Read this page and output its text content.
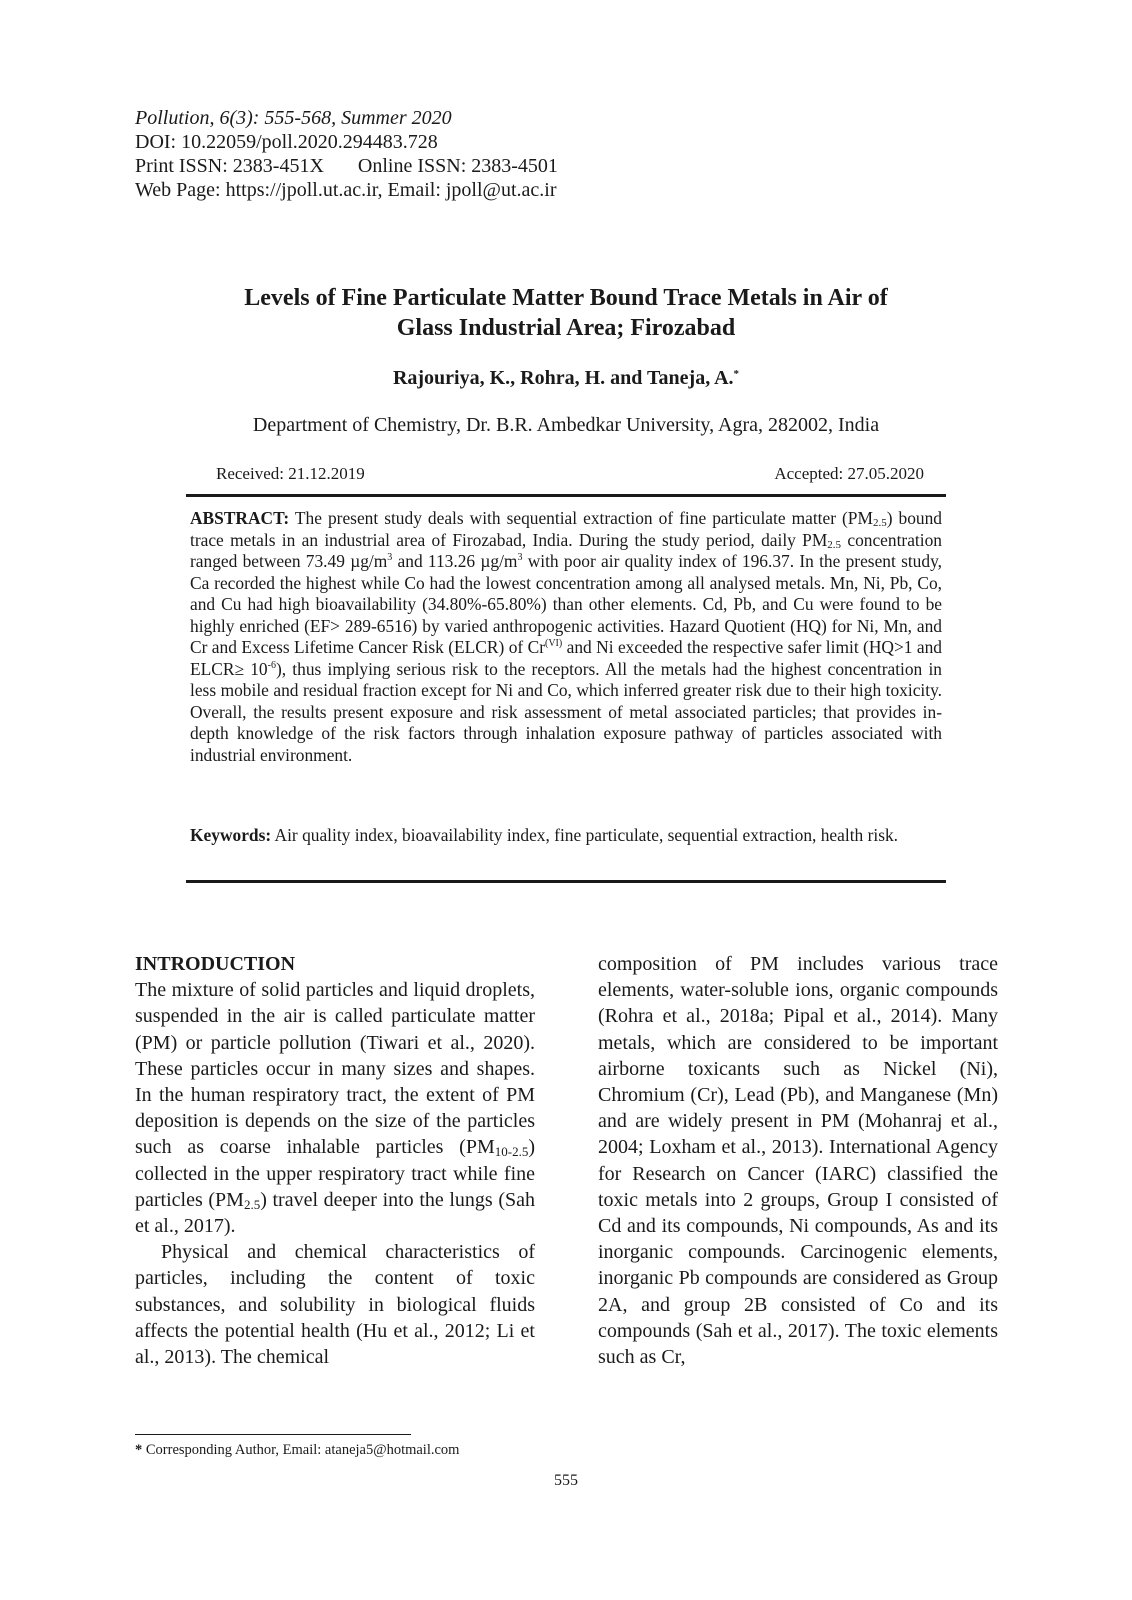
Pollution, 6(3): 555-568, Summer 2020
DOI: 10.22059/poll.2020.294483.728
Print ISSN: 2383-451X Online ISSN: 2383-4501
Web Page: https://jpoll.ut.ac.ir, Email: jpoll@ut.ac.ir
Levels of Fine Particulate Matter Bound Trace Metals in Air of
Glass Industrial Area; Firozabad
Rajouriya, K., Rohra, H. and Taneja, A.*
Department of Chemistry, Dr. B.R. Ambedkar University, Agra, 282002, India
Received: 21.12.2019	Accepted: 27.05.2020
ABSTRACT: The present study deals with sequential extraction of fine particulate matter $(PM_{2.5})$ bound trace metals in an industrial area of Firozabad, India. During the study period, daily $PM_{2.5}$ concentration ranged between 73.49 $\mu g/m^3$ and 113.26 $\mu g/m^3$ with poor air quality index of 196.37. In the present study, Ca recorded the highest while Co had the lowest concentration among all analysed metals. Mn, Ni, Pb, Co, and Cu had high bioavailability (34.80%-65.80%) than other elements. Cd, Pb, and Cu were found to be highly enriched (EF> 289-6516) by varied anthropogenic activities. Hazard Quotient (HQ) for Ni, Mn, and Cr and Excess Lifetime Cancer Risk (ELCR) of $Cr^{(VI)}$ and Ni exceeded the respective safer limit (HQ>1 and ELCR≥ $10^{-6}$), thus implying serious risk to the receptors. All the metals had the highest concentration in less mobile and residual fraction except for Ni and Co, which inferred greater risk due to their high toxicity. Overall, the results present exposure and risk assessment of metal associated particles; that provides in-depth knowledge of the risk factors through inhalation exposure pathway of particles associated with industrial environment.
Keywords: Air quality index, bioavailability index, fine particulate, sequential extraction, health risk.

INTRODUCTION

The mixture of solid particles and liquid droplets, suspended in the air is called particulate matter (PM) or particle pollution (Tiwari et al., 2020). These particles occur in many sizes and shapes. In the human respiratory tract, the extent of PM deposition is depends on the size of the particles such as coarse inhalable particles $(PM_{10-2.5})$ collected in the upper respiratory tract while fine particles $(PM_{2.5})$ travel deeper into the lungs (Sah et al., 2017).

Physical and chemical characteristics of particles, including the content of toxic substances, and solubility in biological fluids affects the potential health (Hu et al., 2012; Li et al., 2013). The chemical

composition of PM includes various trace elements, water-soluble ions, organic compounds (Rohra et al., 2018a; Pipal et al., 2014). Many metals, which are considered to be important airborne toxicants such as Nickel (Ni), Chromium (Cr), Lead (Pb), and Manganese (Mn) and are widely present in PM (Mohanraj et al., 2004; Loxham et al., 2013). International Agency for Research on Cancer (IARC) classified the toxic metals into 2 groups, Group I consisted of Cd and its compounds, Ni compounds, As and its inorganic compounds. Carcinogenic elements, inorganic Pb compounds are considered as Group 2A, and group 2B consisted of Co and its compounds (Sah et al., 2017). The toxic elements such as Cr,

* Corresponding Author, Email: ataneja5@hotmail.com
555
